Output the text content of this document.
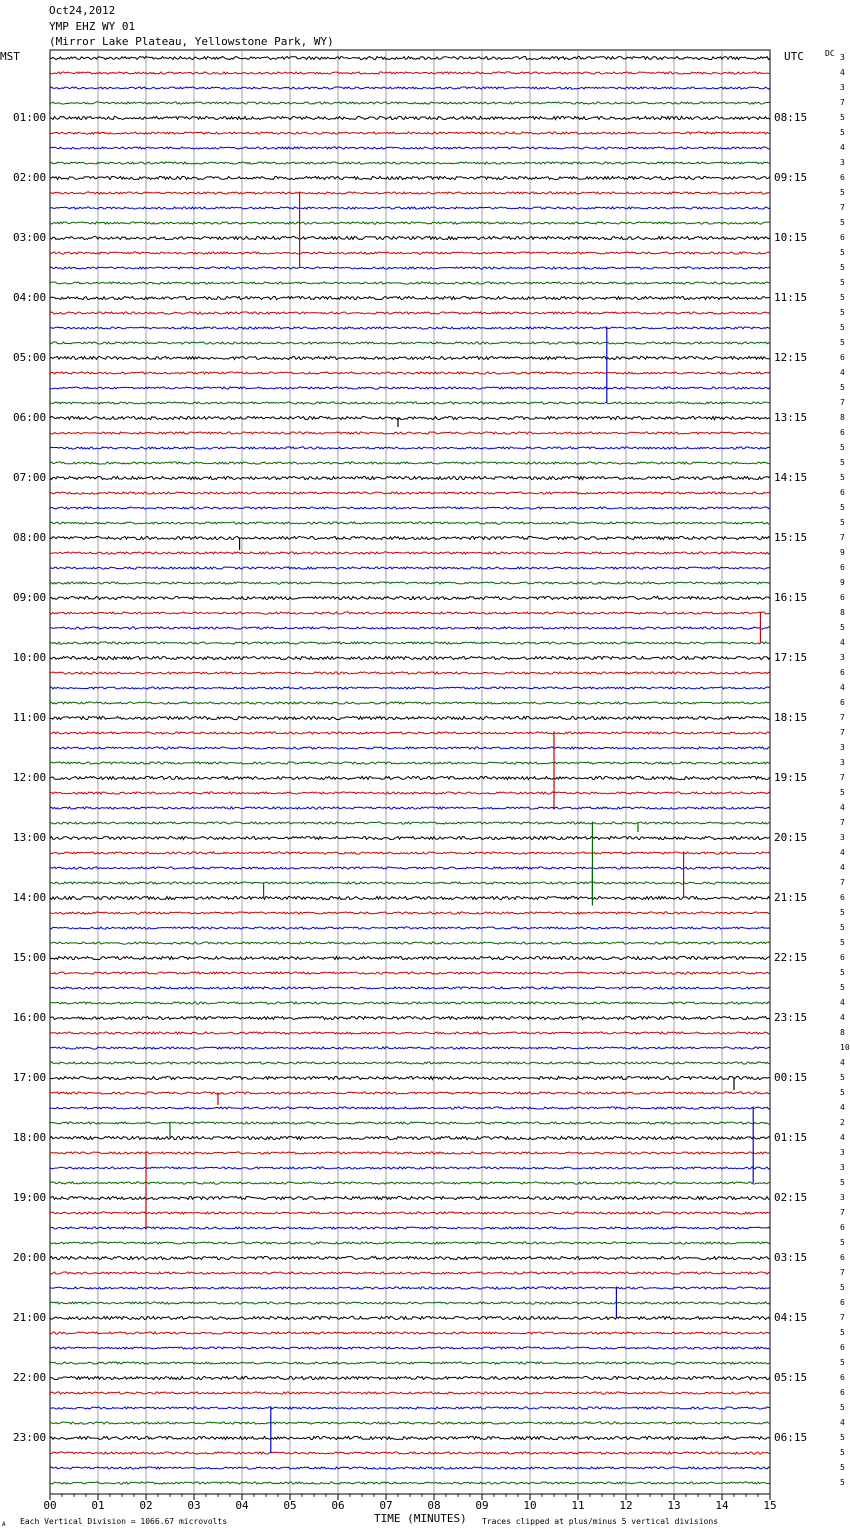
Oct24,2012
YMP EHZ WY 01
(Mirror Lake Plateau, Yellowstone Park, WY)
MST	UTC	DC
00	01	02	03	04	05	06	07	08	09	10	11	12	13	14	15
01:00
02:00
03:00
04:00
05:00
06:00
07:00
08:00
09:00
10:00
11:00
12:00
13:00
14:00
15:00
16:00
17:00
18:00
19:00
20:00
21:00
22:00
23:00
08:15
09:15
10:15
11:15
12:15
13:15
14:15
15:15
16:15
17:15
18:15
19:15
20:15
21:15
22:15
23:15
00:15
01:15
02:15
03:15
04:15
05:15
06:15
3
4
3
7
5
5
4
3
6
5
7
5
6
5
5
5
5
5
5
5
6
4
5
7
8
6
5
5
5
6
5
5
7
9
6
9
6
8
5
4
3
6
4
6
7
7
3
3
7
5
4
7
3
4
4
7
6
5
5
5
6
5
5
4
4
8
10
4
5
5
4
2
4
3
3
5
3
7
6
5
6
7
5
6
7
5
6
5
6
6
5
4
5
5
5
5
Each Vertical Division = 1066.67 microvolts	TIME (MINUTES) Traces clipped at plus/minus 5 vertical divisions
A
